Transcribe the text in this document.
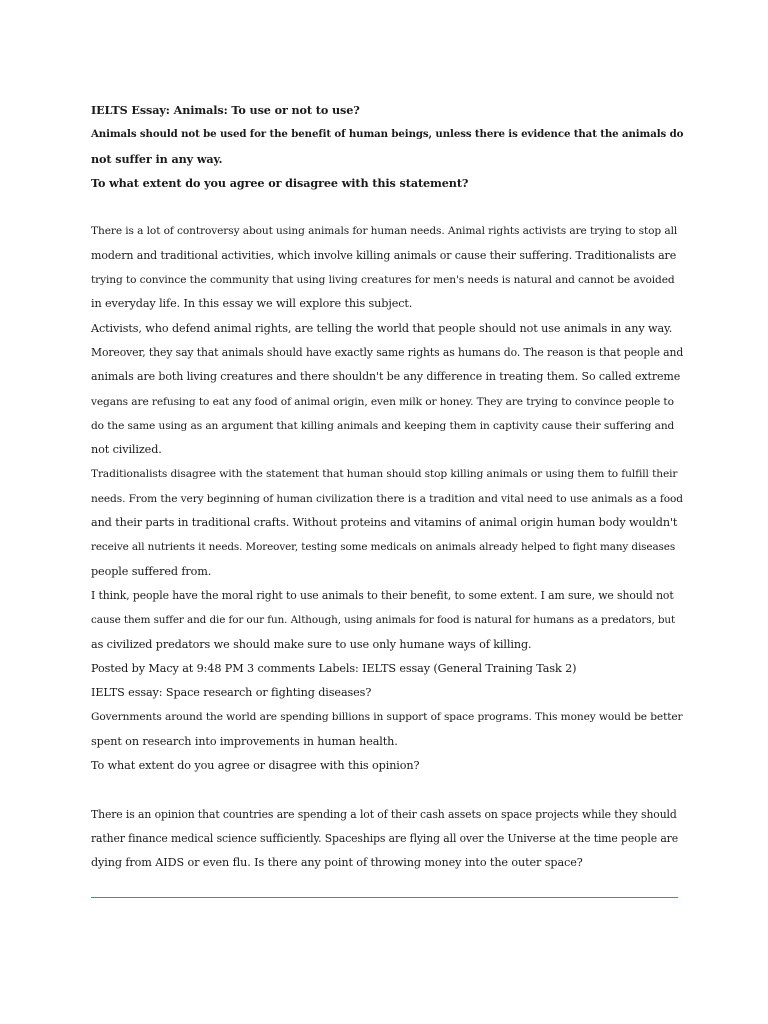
IELTS Essay: Animals: To use or not to use?
Animals should not be used for the benefit of human beings, unless there is evidence that the animals do
not suffer in any way.
To what extent do you agree or disagree with this statement?
There is a lot of controversy about using animals for human needs. Animal rights activists are trying to stop all
modern and traditional activities, which involve killing animals or cause their suffering. Traditionalists are
trying to convince the community that using living creatures for men's needs is natural and cannot be avoided
in everyday life. In this essay we will explore this subject.
Activists, who defend animal rights, are telling the world that people should not use animals in any way.
Moreover, they say that animals should have exactly same rights as humans do. The reason is that people and
animals are both living creatures and there shouldn't be any difference in treating them. So called extreme
vegans are refusing to eat any food of animal origin, even milk or honey. They are trying to convince people to
do the same using as an argument that killing animals and keeping them in captivity cause their suffering and
not civilized.
Traditionalists disagree with the statement that human should stop killing animals or using them to fulfill their
needs. From the very beginning of human civilization there is a tradition and vital need to use animals as a food
and their parts in traditional crafts. Without proteins and vitamins of animal origin human body wouldn't
receive all nutrients it needs. Moreover, testing some medicals on animals already helped to fight many diseases
people suffered from.
I think, people have the moral right to use animals to their benefit, to some extent. I am sure, we should not
cause them suffer and die for our fun. Although, using animals for food is natural for humans as a predators, but
as civilized predators we should make sure to use only humane ways of killing.
Posted by Macy at 9:48 PM 3 comments Labels: IELTS essay (General Training Task 2)
IELTS essay: Space research or fighting diseases?
Governments around the world are spending billions in support of space programs. This money would be better
spent on research into improvements in human health.
To what extent do you agree or disagree with this opinion?
There is an opinion that countries are spending a lot of their cash assets on space projects while they should
rather finance medical science sufficiently. Spaceships are flying all over the Universe at the time people are
dying from AIDS or even flu. Is there any point of throwing money into the outer space?
